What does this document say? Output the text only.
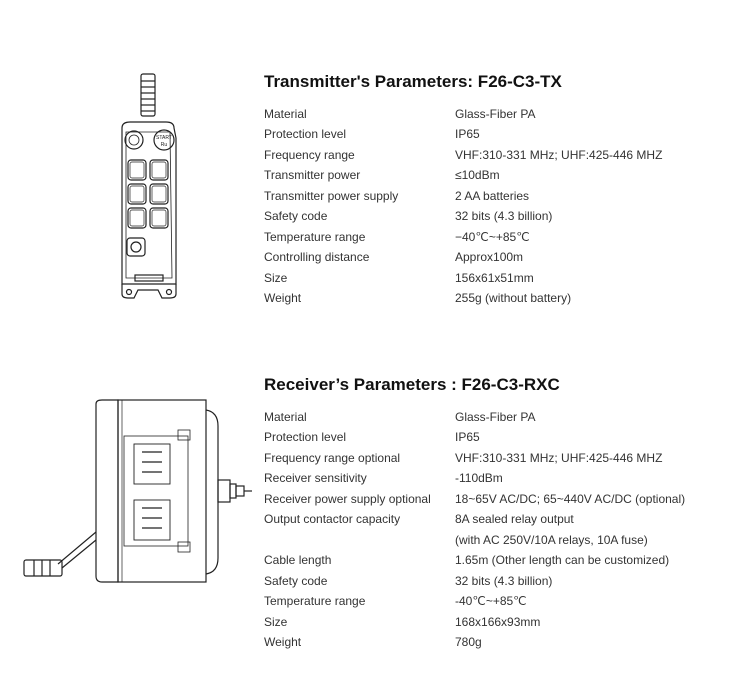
START
Ru
Transmitter's Parameters: F26-C3-TX
Material	Glass-Fiber PA
Protection level	IP65
Frequency range	VHF:310-331 MHz; UHF:425-446 MHZ
Transmitter power	≤10dBm
Transmitter power supply	2 AA batteries
Safety code	32 bits (4.3 billion)
Temperature range	−40℃~+85℃
Controlling distance	Approx100m
Size	156x61x51mm
Weight	255g (without battery)
Receiver’s Parameters : F26-C3-RXC
Material	Glass-Fiber PA
Protection level	IP65
Frequency range optional	VHF:310-331 MHz; UHF:425-446 MHZ
Receiver sensitivity	-110dBm
Receiver power supply optional 18~65V AC/DC; 65~440V AC/DC (optional)
Output contactor capacity	8A sealed relay output
(with AC 250V/10A relays, 10A fuse)
Cable length	1.65m (Other length can be customized)
Safety code	32 bits (4.3 billion)
Temperature range	-40℃~+85℃
Size	168x166x93mm
Weight	780g
